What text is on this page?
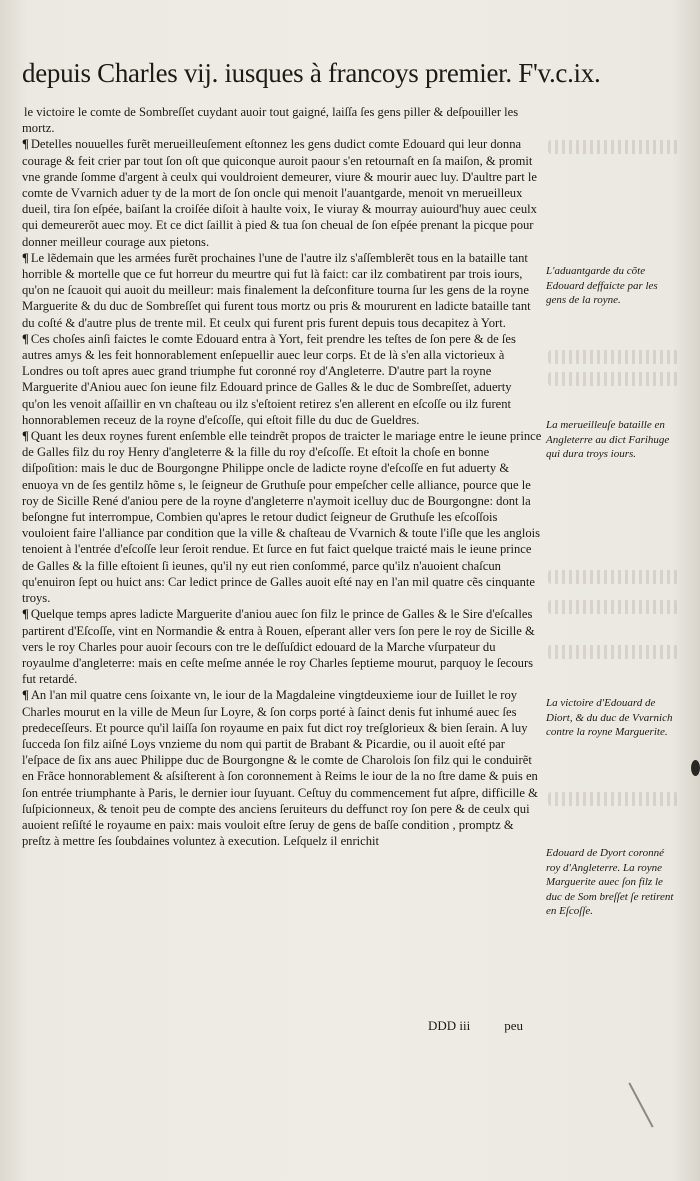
depuis Charles vij. iusques à francoys premier. F'v.c.ix.

le victoire le comte de Sombreſſet cuydant auoir tout gaigné, laiſſa ſes gens piller & deſpouiller les mortz.

¶ Detelles nouuelles furẽt merueilleuſement eſtonnez les gens dudict comte Edouard qui leur donna courage & feit crier par tout ſon oſt que quiconque auroit paour s'en retournaſt en ſa maiſon, & promit vne grande ſomme d'argent à ceulx qui vouldroient demeurer, viure & mourir auec luy. D'aultre part le comte de Vvarnich aduer ty de la mort de ſon oncle qui menoit l'auantgarde, menoit vn merueilleux dueil, tira ſon eſpée, baiſant la croiſée diſoit à haulte voix, Ie viuray & mourray auiourd'huy auec ceulx qui demeurerõt auec moy. Et ce dict ſaillit à pied & tua ſon cheual de ſon eſpée prenant la picque pour donner meilleur courage aux pietons.

¶ Le lẽdemain que les armées furẽt prochaines l'une de l'autre ilz s'aſſemblerẽt tous en la bataille tant horrible & mortelle que ce fut horreur du meurtre qui fut là faict: car ilz combatirent par trois iours, qu'on ne ſcauoit qui auoit du meilleur: mais finalement la deſconfiture tourna ſur les gens de la royne Marguerite & du duc de Sombreſſet qui furent tous mortz ou pris & moururent en ladicte bataille tant du coſté & d'autre plus de trente mil. Et ceulx qui furent pris furent depuis tous decapitez à Yort.

¶ Ces choſes ainſi faictes le comte Edouard entra à Yort, feit prendre les teſtes de ſon pere & de ſes autres amys & les feit honnorablement enſepuellir auec leur corps. Et de là s'en alla victorieux à Londres ou toſt apres auec grand triumphe fut coronné roy d'Angleterre. D'autre part la royne Marguerite d'Aniou auec ſon ieune filz Edouard prince de Galles & le duc de Sombreſſet, aduerty qu'on les venoit aſſaillir en vn chaſteau ou ilz s'eſtoient retirez s'en allerent en eſcoſſe ou ilz furent honnorablemen receuz de la royne d'eſcoſſe, qui eſtoit fille du duc de Gueldres.

¶ Quant les deux roynes furent enſemble elle teindrẽt propos de traicter le mariage entre le ieune prince de Galles filz du roy Henry d'angleterre & la fille du roy d'eſcoſſe. Et eſtoit la choſe en bonne diſpoſition: mais le duc de Bourgongne Philippe oncle de ladicte royne d'eſcoſſe en fut aduerty & enuoya vn de ſes gentilz hõme s, le ſeigneur de Gruthuſe pour empeſcher celle alliance, pource que le roy de Sicille René d'aniou pere de la royne d'angleterre n'aymoit icelluy duc de Bourgongne: dont la beſongne fut interrompue, Combien qu'apres le retour dudict ſeigneur de Gruthuſe les eſcoſſois vouloient faire l'alliance par condition que la ville & chaſteau de Vvarnich & toute l'iſle que les anglois tenoient à l'entrée d'eſcoſſe leur ſeroit rendue. Et ſurce en fut faict quelque traicté mais le ieune prince de Galles & la fille eſtoient ſi ieunes, qu'il ny eut rien conſommé, parce qu'ilz n'auoient chaſcun qu'enuiron ſept ou huict ans: Car ledict prince de Galles auoit eſté nay en l'an mil quatre cẽs cinquante troys.

¶ Quelque temps apres ladicte Marguerite d'aniou auec ſon filz le prince de Galles & le Sire d'eſcalles partirent d'Eſcoſſe, vint en Normandie & entra à Rouen, eſperant aller vers ſon pere le roy de Sicille & vers le roy Charles pour auoir ſecours con tre le deſſuſdict edouard de la Marche vſurpateur du royaulme d'angleterre: mais en ceſte meſme année le roy Charles ſeptieme mourut, parquoy le ſecours fut retardé.

¶ An l'an mil quatre cens ſoixante vn, le iour de la Magdaleine vingtdeuxieme iour de Iuillet le roy Charles mourut en la ville de Meun ſur Loyre, & ſon corps porté à ſainct denis fut inhumé auec ſes predeceſſeurs. Et pource qu'il laiſſa ſon royaume en paix fut dict roy treſglorieux & bien ſerain. A luy ſucceda ſon filz aiſné Loys vnzieme du nom qui partit de Brabant & Picardie, ou il auoit eſté par l'eſpace de ſix ans auec Philippe duc de Bourgongne & le comte de Charolois ſon filz qui le conduirẽt en Frãce honnorablement & aſsiſterent à ſon coronnement à Reims le iour de la no ſtre dame & puis en ſon entrée triumphante à Paris, le dernier iour ſuyuant. Ceſtuy du commencement fut aſpre, difficille & ſuſpicionneux, & tenoit peu de compte des anciens ſeruiteurs du deffunct roy ſon pere & de ceulx qui auoient reſiſté le royaume en paix: mais vouloit eſtre ſeruy de gens de baſſe condition , promptz & preſtz à mettre ſes ſoubdaines voluntez à execution. Leſquelz il enrichit

DDD iii	peu
L'aduantgarde du cõte Edouard deffaicte par les gens de la royne.
La merueilleuſe bataille en Angleterre au dict Farihuge qui dura troys iours.
La victoire d'Edouard de Diort, & du duc de Vvarnich contre la royne Marguerite.
Edouard de Dyort coronné roy d'Angleterre. La royne Marguerite auec ſon filz le duc de Som breſſet ſe retirent en Eſcoſſe.
